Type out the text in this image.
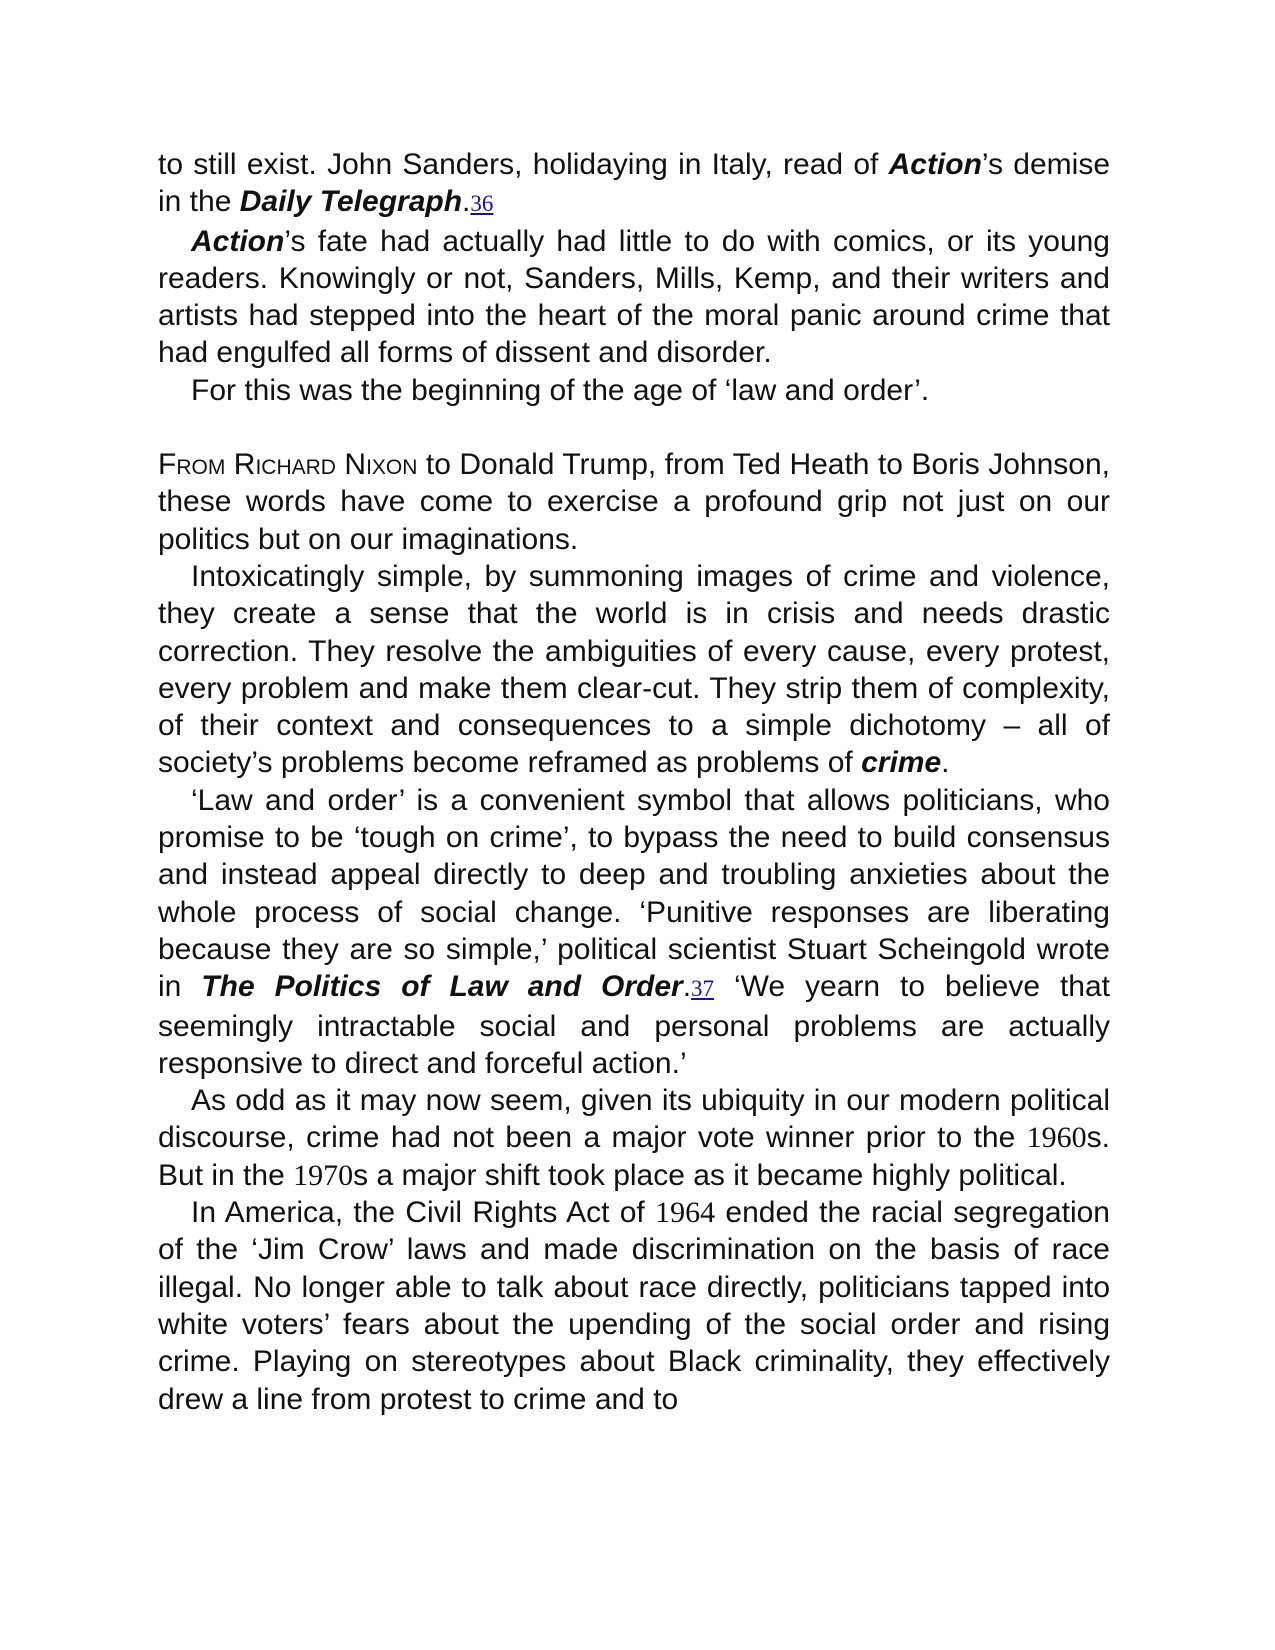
to still exist. John Sanders, holidaying in Italy, read of Action’s demise in the Daily Telegraph.36

Action’s fate had actually had little to do with comics, or its young readers. Knowingly or not, Sanders, Mills, Kemp, and their writers and artists had stepped into the heart of the moral panic around crime that had engulfed all forms of dissent and disorder.

For this was the beginning of the age of ‘law and order’.

From Richard Nixon to Donald Trump, from Ted Heath to Boris Johnson, these words have come to exercise a profound grip not just on our politics but on our imaginations.

Intoxicatingly simple, by summoning images of crime and violence, they create a sense that the world is in crisis and needs drastic correction. They resolve the ambiguities of every cause, every protest, every problem and make them clear-cut. They strip them of complexity, of their context and consequences to a simple dichotomy – all of society’s problems become reframed as problems of crime.

‘Law and order’ is a convenient symbol that allows politicians, who promise to be ‘tough on crime’, to bypass the need to build consensus and instead appeal directly to deep and troubling anxieties about the whole process of social change. ‘Punitive responses are liberating because they are so simple,’ political scientist Stuart Scheingold wrote in The Politics of Law and Order.37 ‘We yearn to believe that seemingly intractable social and personal problems are actually responsive to direct and forceful action.’

As odd as it may now seem, given its ubiquity in our modern political discourse, crime had not been a major vote winner prior to the 1960s. But in the 1970s a major shift took place as it became highly political.

In America, the Civil Rights Act of 1964 ended the racial segregation of the ‘Jim Crow’ laws and made discrimination on the basis of race illegal. No longer able to talk about race directly, politicians tapped into white voters’ fears about the upending of the social order and rising crime. Playing on stereotypes about Black criminality, they effectively drew a line from protest to crime and to
